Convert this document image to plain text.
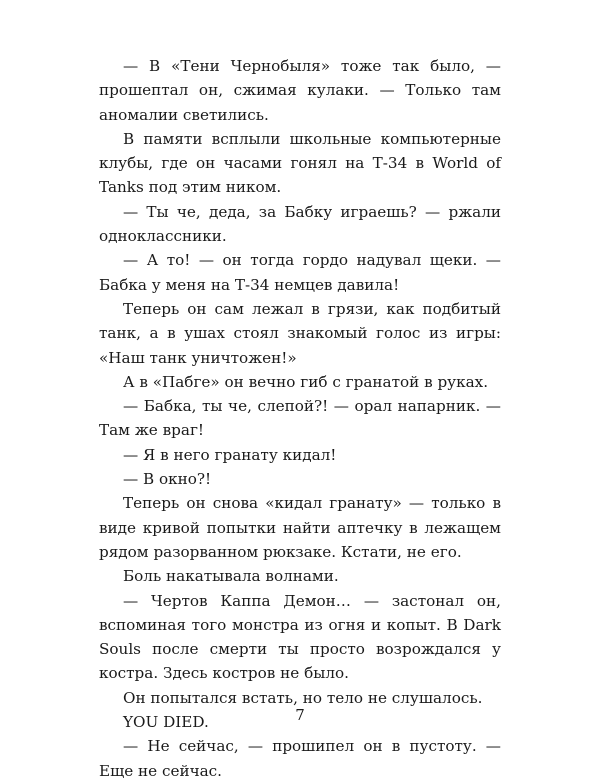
— В «Тени Чернобыля» тоже так было, — прошептал он, сжимая кулаки. — Только там аномалии светились.

В памяти всплыли школьные компьютерные клубы, где он часами гонял на Т-34 в World of Tanks под этим ником.

— Ты че, деда, за Бабку играешь? — ржали одноклассники.

— А то! — он тогда гордо надувал щеки. — Бабка у меня на Т-34 немцев давила!

Теперь он сам лежал в грязи, как подбитый танк, а в ушах стоял знакомый голос из игры: «Наш танк уничтожен!»

А в «Пабге» он вечно гиб с гранатой в руках.

— Бабка, ты че, слепой?! — орал напарник. — Там же враг!

— Я в него гранату кидал!

— В окно?!

Теперь он снова «кидал гранату» — только в виде кривой попытки найти аптечку в лежащем рядом разорванном рюкзаке. Кстати, не его.

Боль накатывала волнами.

— Чертов Каппа Демон… — застонал он, вспоминая того монстра из огня и копыт. В Dark Souls после смерти ты просто возрождался у костра. Здесь костров не было.

Он попытался встать, но тело не слушалось.

YOU DIED.

— Не сейчас, — прошипел он в пустоту. — Еще не сейчас.

7
